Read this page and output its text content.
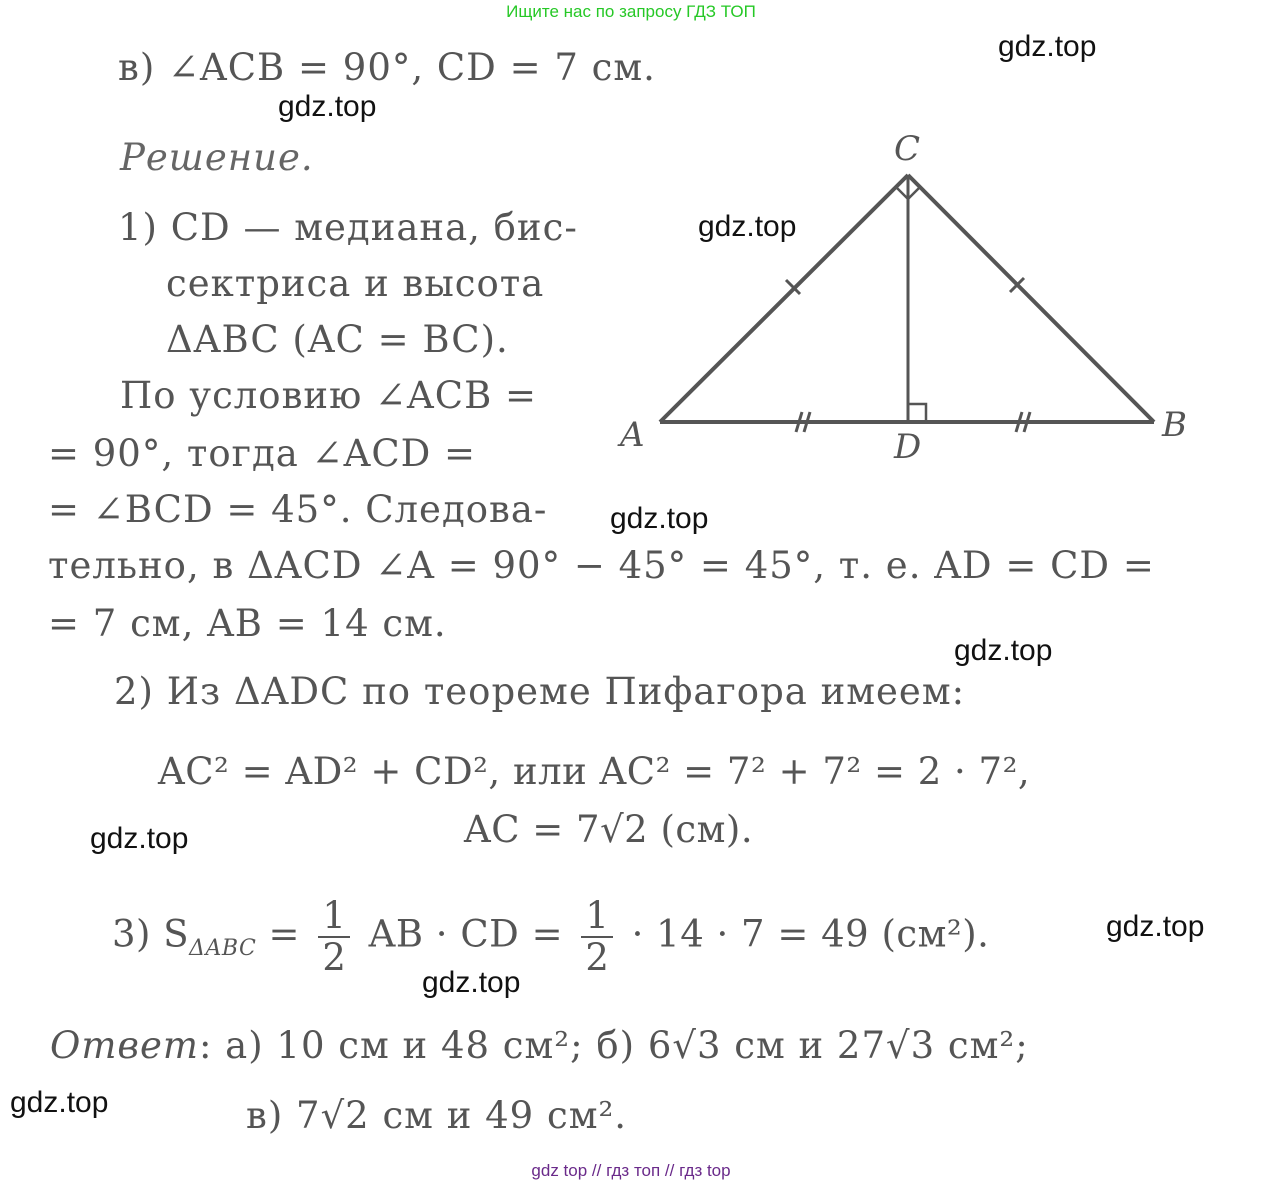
Ищите нас по запросу ГДЗ ТОП
gdz.top
gdz.top
gdz.top
gdz.top
gdz.top
gdz.top
gdz.top
gdz.top
gdz.top
в) ∠ACB = 90°, CD = 7 см.
Решение.
1) CD — медиана, бис-
сектриса и высота
ΔABC (AC = BC).
По условию ∠ACB =
= 90°, тогда ∠ACD =
= ∠BCD = 45°. Следова-
тельно, в ΔACD ∠A = 90° − 45° = 45°, т. е. AD = CD =
= 7 см, AB = 14 см.
2) Из ΔADC по теореме Пифагора имеем:
AC² = AD² + CD², или AC² = 7² + 7² = 2 · 7²,
AC = 7√2 (см).
3) $S_{\Delta ABC} = \frac{1}{2}$ AB · CD = $\frac{1}{2} \cdot 14 \cdot 7 = 49$ (см²).
Ответ: а) 10 см и 48 см²; б) 6√3 см и 27√3 см²;
в) 7√2 см и 49 см².
A	B
C
D
gdz top // гдз топ // гдз top
